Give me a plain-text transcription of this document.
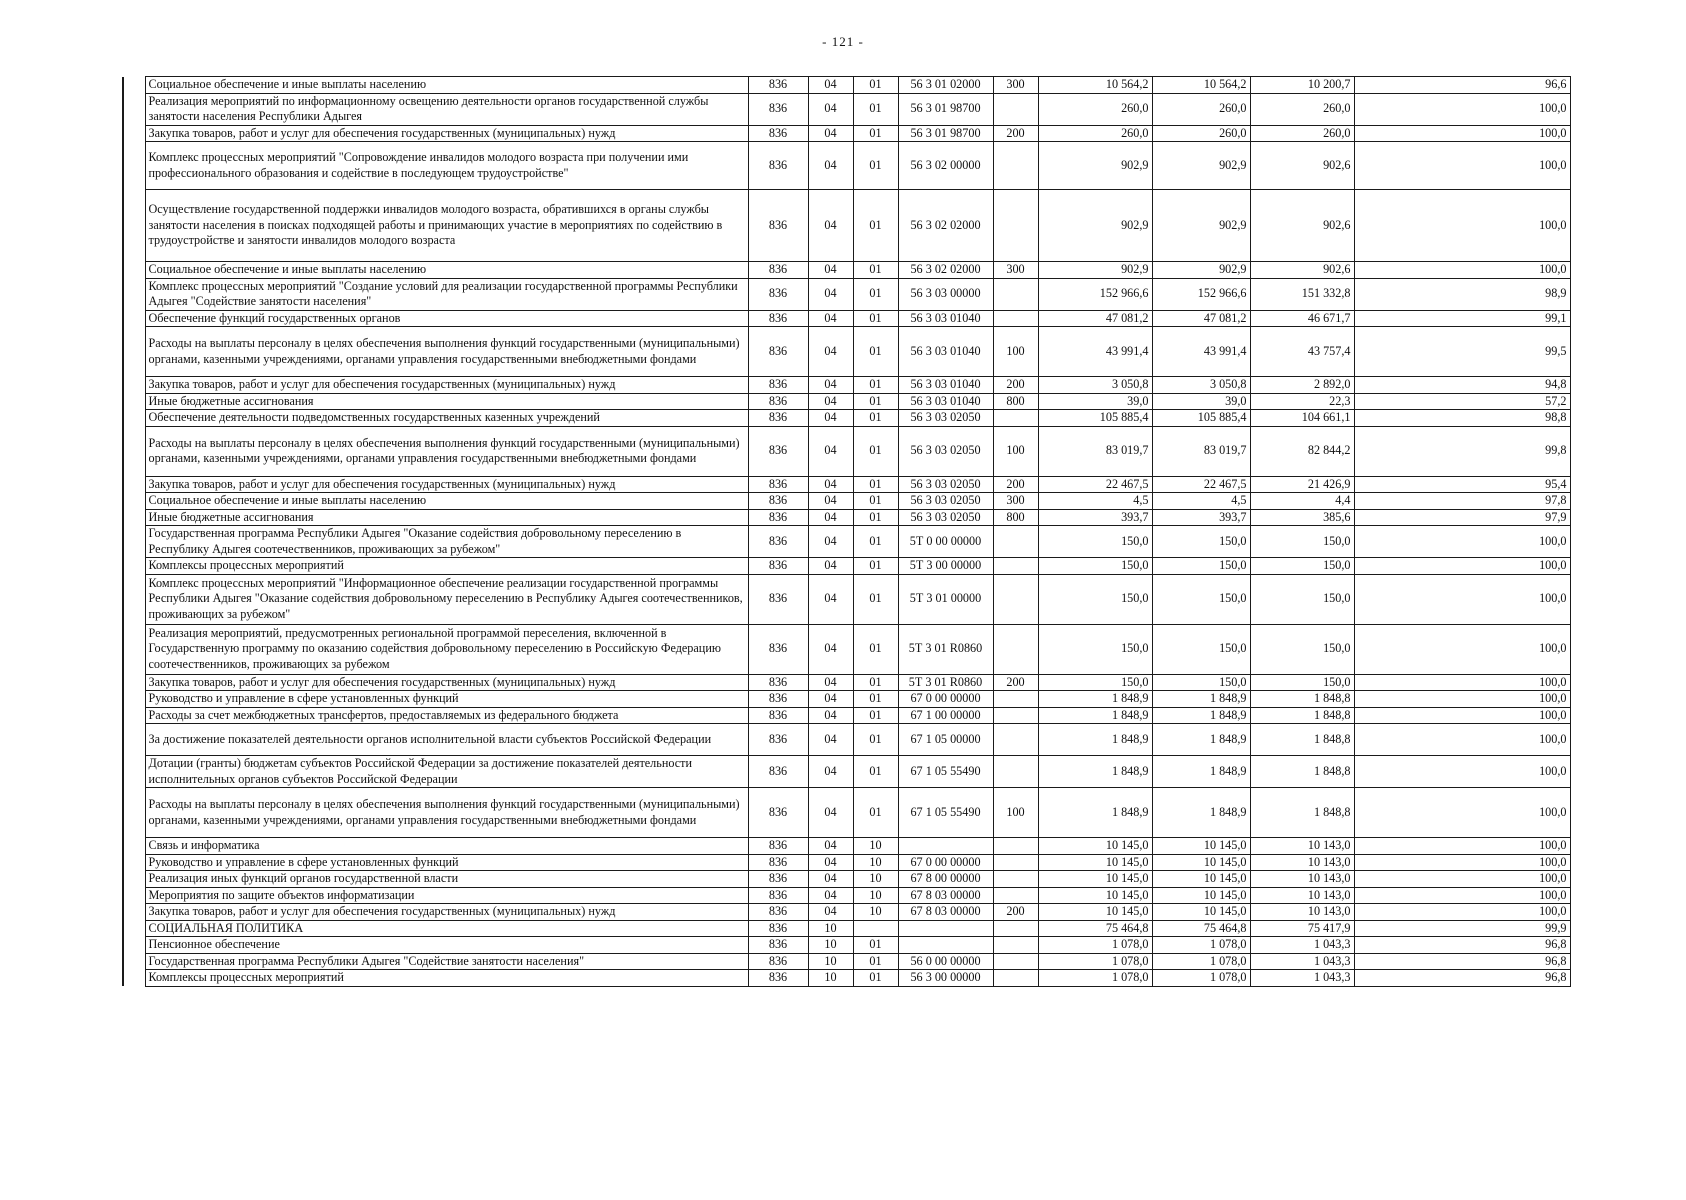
- 121 -
	Социальное обеспечение и иные выплаты населению	836	04	01	56 3 01 02000	300	10 564,2	10 564,2	10 200,7	96,6
	Реализация мероприятий по информационному освещению деятельности органов государственной службы занятости населения Республики Адыгея	836	04	01	56 3 01 98700		260,0	260,0	260,0	100,0
	Закупка товаров, работ и услуг для обеспечения государственных (муниципальных) нужд	836	04	01	56 3 01 98700	200	260,0	260,0	260,0	100,0
	Комплекс процессных мероприятий "Сопровождение инвалидов молодого возраста при получении ими профессионального образования и содействие в последующем трудоустройстве"	836	04	01	56 3 02 00000		902,9	902,9	902,6	100,0
	Осуществление государственной поддержки инвалидов молодого возраста, обратившихся в органы службы занятости населения в поисках подходящей работы и принимающих участие в мероприятиях по содействию в трудоустройстве и занятости инвалидов молодого возраста	836	04	01	56 3 02 02000		902,9	902,9	902,6	100,0
	Социальное обеспечение и иные выплаты населению	836	04	01	56 3 02 02000	300	902,9	902,9	902,6	100,0
	Комплекс процессных мероприятий "Создание условий для реализации государственной программы Республики Адыгея "Содействие занятости населения"	836	04	01	56 3 03 00000		152 966,6	152 966,6	151 332,8	98,9
	Обеспечение функций государственных органов	836	04	01	56 3 03 01040		47 081,2	47 081,2	46 671,7	99,1
	Расходы на выплаты персоналу в целях обеспечения выполнения функций государственными (муниципальными) органами, казенными учреждениями, органами управления государственными внебюджетными фондами	836	04	01	56 3 03 01040	100	43 991,4	43 991,4	43 757,4	99,5
	Закупка товаров, работ и услуг для обеспечения государственных (муниципальных) нужд	836	04	01	56 3 03 01040	200	3 050,8	3 050,8	2 892,0	94,8
	Иные бюджетные ассигнования	836	04	01	56 3 03 01040	800	39,0	39,0	22,3	57,2
	Обеспечение деятельности подведомственных государственных казенных учреждений	836	04	01	56 3 03 02050		105 885,4	105 885,4	104 661,1	98,8
	Расходы на выплаты персоналу в целях обеспечения выполнения функций государственными (муниципальными) органами, казенными учреждениями, органами управления государственными внебюджетными фондами	836	04	01	56 3 03 02050	100	83 019,7	83 019,7	82 844,2	99,8
	Закупка товаров, работ и услуг для обеспечения государственных (муниципальных) нужд	836	04	01	56 3 03 02050	200	22 467,5	22 467,5	21 426,9	95,4
	Социальное обеспечение и иные выплаты населению	836	04	01	56 3 03 02050	300	4,5	4,5	4,4	97,8
	Иные бюджетные ассигнования	836	04	01	56 3 03 02050	800	393,7	393,7	385,6	97,9
	Государственная программа Республики Адыгея "Оказание содействия добровольному переселению в Республику Адыгея соотечественников, проживающих за рубежом"	836	04	01	5Т 0 00 00000		150,0	150,0	150,0	100,0
	Комплексы процессных мероприятий	836	04	01	5Т 3 00 00000		150,0	150,0	150,0	100,0
	Комплекс процессных мероприятий "Информационное обеспечение реализации государственной программы Республики Адыгея "Оказание содействия добровольному переселению в Республику Адыгея соотечественников, проживающих за рубежом"	836	04	01	5Т 3 01 00000		150,0	150,0	150,0	100,0
	Реализация мероприятий, предусмотренных региональной программой переселения, включенной в Государственную программу по оказанию содействия добровольному переселению в Российскую Федерацию соотечественников, проживающих за рубежом	836	04	01	5Т 3 01 R0860		150,0	150,0	150,0	100,0
	Закупка товаров, работ и услуг для обеспечения государственных (муниципальных) нужд	836	04	01	5Т 3 01 R0860	200	150,0	150,0	150,0	100,0
	Руководство и управление в сфере установленных функций	836	04	01	67 0 00 00000		1 848,9	1 848,9	1 848,8	100,0
	Расходы за счет межбюджетных трансфертов, предоставляемых из федерального бюджета	836	04	01	67 1 00 00000		1 848,9	1 848,9	1 848,8	100,0
	За достижение показателей деятельности органов исполнительной власти субъектов Российской Федерации	836	04	01	67 1 05 00000		1 848,9	1 848,9	1 848,8	100,0
	Дотации (гранты) бюджетам субъектов Российской Федерации за достижение показателей деятельности исполнительных органов субъектов Российской Федерации	836	04	01	67 1 05 55490		1 848,9	1 848,9	1 848,8	100,0
	Расходы на выплаты персоналу в целях обеспечения выполнения функций государственными (муниципальными) органами, казенными учреждениями, органами управления государственными внебюджетными фондами	836	04	01	67 1 05 55490	100	1 848,9	1 848,9	1 848,8	100,0
	Связь и информатика	836	04	10			10 145,0	10 145,0	10 143,0	100,0
	Руководство и управление в сфере установленных функций	836	04	10	67 0 00 00000		10 145,0	10 145,0	10 143,0	100,0
	Реализация иных функций органов государственной власти	836	04	10	67 8 00 00000		10 145,0	10 145,0	10 143,0	100,0
	Мероприятия по защите объектов информатизации	836	04	10	67 8 03 00000		10 145,0	10 145,0	10 143,0	100,0
	Закупка товаров, работ и услуг для обеспечения государственных (муниципальных) нужд	836	04	10	67 8 03 00000	200	10 145,0	10 145,0	10 143,0	100,0
	СОЦИАЛЬНАЯ ПОЛИТИКА	836	10				75 464,8	75 464,8	75 417,9	99,9
	Пенсионное обеспечение	836	10	01			1 078,0	1 078,0	1 043,3	96,8
	Государственная программа Республики Адыгея "Содействие занятости населения"	836	10	01	56 0 00 00000		1 078,0	1 078,0	1 043,3	96,8
	Комплексы процессных мероприятий	836	10	01	56 3 00 00000		1 078,0	1 078,0	1 043,3	96,8
